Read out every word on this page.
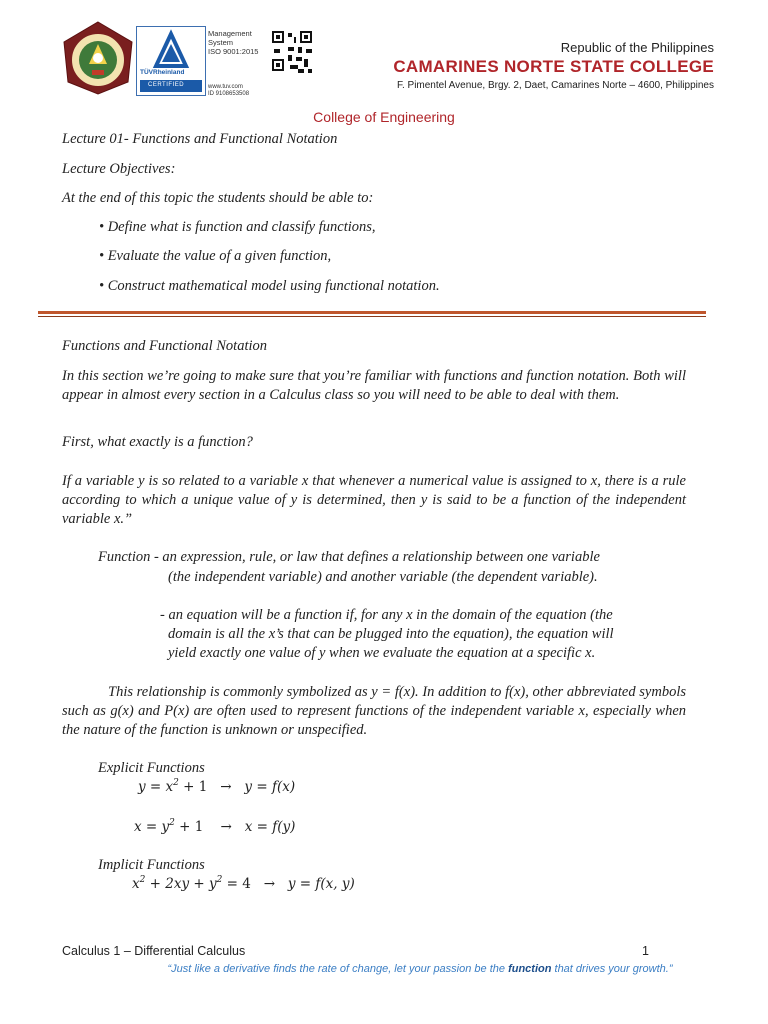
TÜVRheinland
CERTIFIED
Management
System
ISO 9001:2015
www.tuv.com
ID 9108653508
Republic of the Philippines
CAMARINES NORTE STATE COLLEGE
F. Pimentel Avenue, Brgy. 2, Daet, Camarines Norte – 4600, Philippines
College of Engineering
Lecture 01- Functions and Functional Notation
Lecture Objectives:
At the end of this topic the students should be able to:
• Define what is function and classify functions,
• Evaluate the value of a given function,
• Construct mathematical model using functional notation.
Functions and Functional Notation
In this section we’re going to make sure that you’re familiar with functions and function notation. Both will appear in almost every section in a Calculus class so you will need to be able to deal with them.
First, what exactly is a function?
If a variable y is so related to a variable x that whenever a numerical value is assigned to x, there is a rule according to which a unique value of y is determined, then y is said to be a function of the independent variable x.”
Function - an expression, rule, or law that defines a relationship between one variable
(the independent variable) and another variable (the dependent variable).
- an equation will be a function if, for any x in the domain of the equation (the
domain is all the x’s that can be plugged into the equation), the equation will
yield exactly one value of y when we evaluate the equation at a specific x.
This relationship is commonly symbolized as y = f(x). In addition to f(x), other abbreviated symbols such as g(x) and P(x) are often used to represent functions of the independent variable x, especially when the nature of the function is unknown or unspecified.
Explicit Functions
$y = x^2 + 1 \to y = f(x)$
$x = y^2 + 1 \to x = f(y)$
Implicit Functions
$x^2 + 2xy + y^2 = 4 \to y = f(x$, y)
Calculus 1 – Differential Calculus	1
“Just like a derivative finds the rate of change, let your passion be the function that drives your growth.”
